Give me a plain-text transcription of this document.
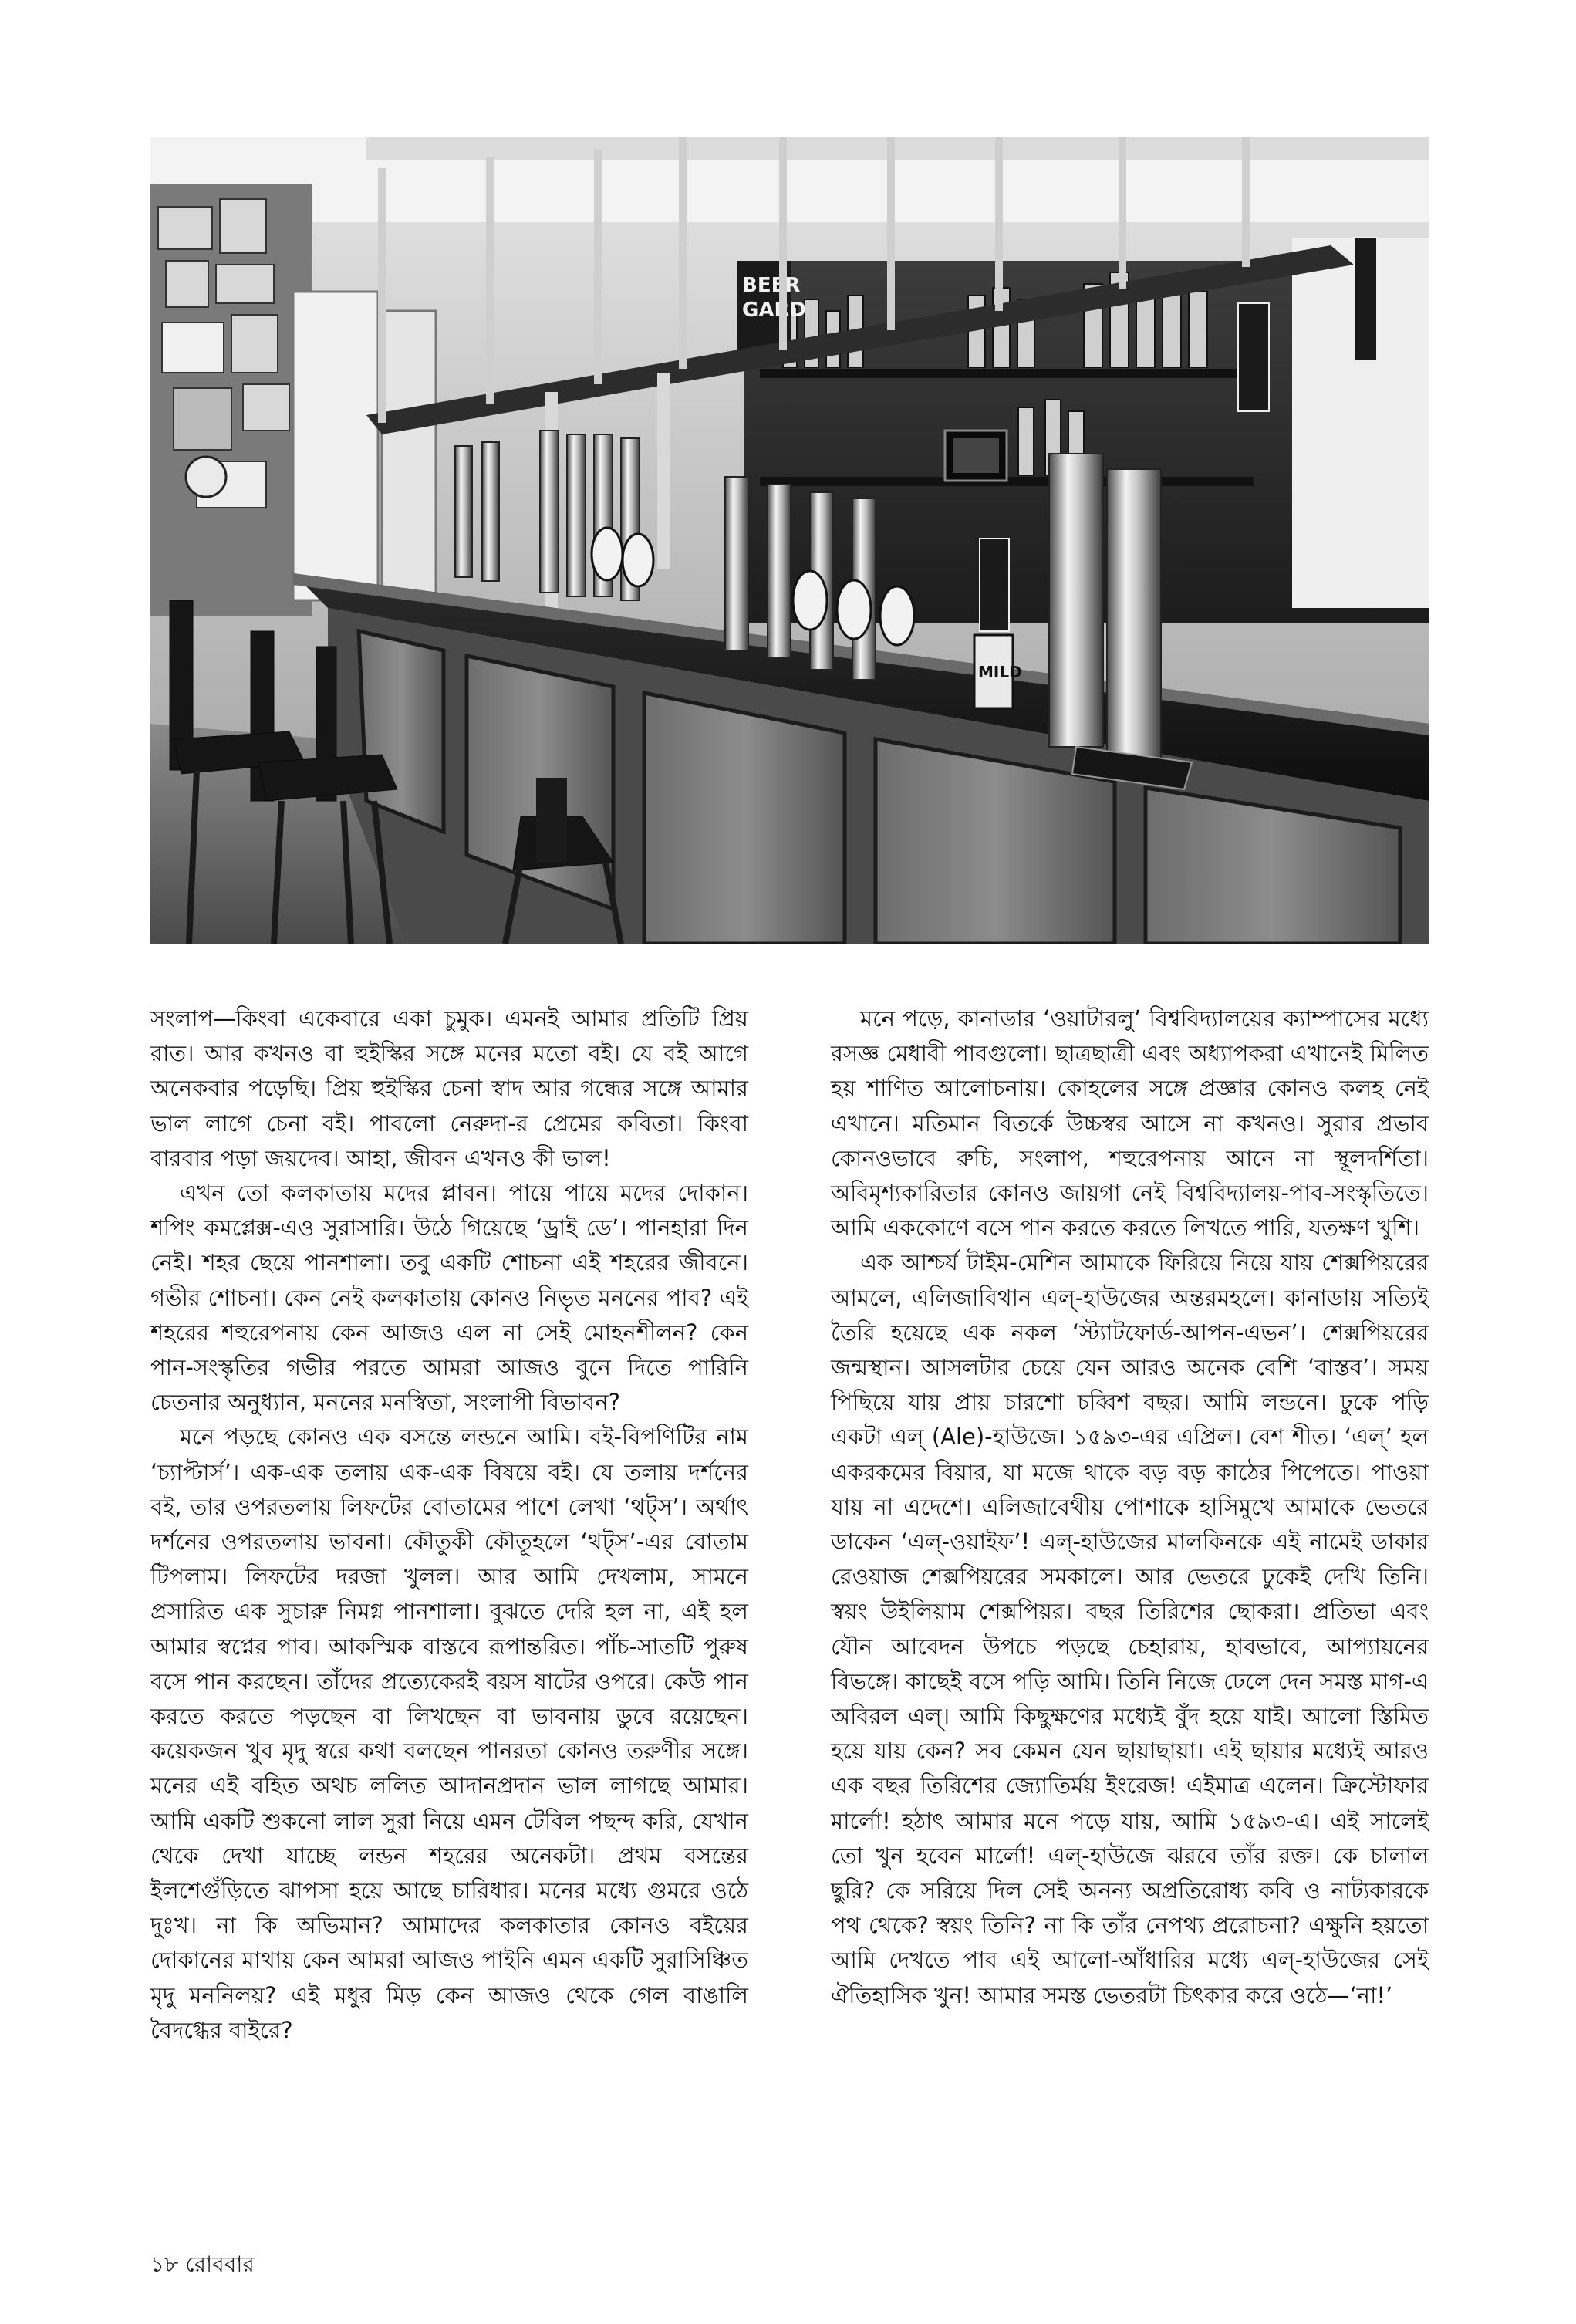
BEER
GARD
MILD

সংলাপ—কিংবা একেবারে একা চুমুক। এমনই আমার প্রতিটি প্রিয় রাত। আর কখনও বা হুইস্কির সঙ্গে মনের মতো বই। যে বই আগে অনেকবার পড়েছি। প্রিয় হুইস্কির চেনা স্বাদ আর গন্ধের সঙ্গে আমার ভাল লাগে চেনা বই। পাবলো নেরুদা-র প্রেমের কবিতা। কিংবা বারবার পড়া জয়দেব। আহা, জীবন এখনও কী ভাল!

এখন তো কলকাতায় মদের প্লাবন। পায়ে পায়ে মদের দোকান। শপিং কমপ্লেক্স-এও সুরাসারি। উঠে গিয়েছে ‘ড্রাই ডে’। পানহারা দিন নেই। শহর ছেয়ে পানশালা। তবু একটি শোচনা এই শহরের জীবনে। গভীর শোচনা। কেন নেই কলকাতায় কোনও নিভৃত মননের পাব? এই শহরের শহুরেপনায় কেন আজও এল না সেই মোহনশীলন? কেন পান-সংস্কৃতির গভীর পরতে আমরা আজও বুনে দিতে পারিনি চেতনার অনুধ্যান, মননের মনস্বিতা, সংলাপী বিভাবন?

মনে পড়ছে কোনও এক বসন্তে লন্ডনে আমি। বই-বিপণিটির নাম ‘চ্যাপ্টার্স’। এক-এক তলায় এক-এক বিষয়ে বই। যে তলায় দর্শনের বই, তার ওপরতলায় লিফটের বোতামের পাশে লেখা ‘থট্‌স’। অর্থাৎ দর্শনের ওপরতলায় ভাবনা। কৌতুকী কৌতূহলে ‘থট্‌স’-এর বোতাম টিপলাম। লিফটের দরজা খুলল। আর আমি দেখলাম, সামনে প্রসারিত এক সুচারু নিমগ্ন পানশালা। বুঝতে দেরি হল না, এই হল আমার স্বপ্নের পাব। আকস্মিক বাস্তবে রূপান্তরিত। পাঁচ-সাতটি পুরুষ বসে পান করছেন। তাঁদের প্রত্যেকেরই বয়স ষাটের ওপরে। কেউ পান করতে করতে পড়ছেন বা লিখছেন বা ভাবনায় ডুবে রয়েছেন। কয়েকজন খুব মৃদু স্বরে কথা বলছেন পানরতা কোনও তরুণীর সঙ্গে। মনের এই বহিত অথচ ললিত আদানপ্রদান ভাল লাগছে আমার। আমি একটি শুকনো লাল সুরা নিয়ে এমন টেবিল পছন্দ করি, যেখান থেকে দেখা যাচ্ছে লন্ডন শহরের অনেকটা। প্রথম বসন্তের ইলশেগুঁড়িতে ঝাপসা হয়ে আছে চারিধার। মনের মধ্যে গুমরে ওঠে দুঃখ। না কি অভিমান? আমাদের কলকাতার কোনও বইয়ের দোকানের মাথায় কেন আমরা আজও পাইনি এমন একটি সুরাসিঞ্চিত মৃদু মননিলয়? এই মধুর মিড় কেন আজও থেকে গেল বাঙালি বৈদগ্ধের বাইরে?

মনে পড়ে, কানাডার ‘ওয়াটারলু’ বিশ্ববিদ্যালয়ের ক্যাম্পাসের মধ্যে রসজ্ঞ মেধাবী পাবগুলো। ছাত্রছাত্রী এবং অধ্যাপকরা এখানেই মিলিত হয় শাণিত আলোচনায়। কোহলের সঙ্গে প্রজ্ঞার কোনও কলহ নেই এখানে। মতিমান বিতর্কে উচ্চস্বর আসে না কখনও। সুরার প্রভাব কোনওভাবে রুচি, সংলাপ, শহুরেপনায় আনে না স্থূলদর্শিতা। অবিমৃশ্যকারিতার কোনও জায়গা নেই বিশ্ববিদ্যালয়-পাব-সংস্কৃতিতে। আমি এককোণে বসে পান করতে করতে লিখতে পারি, যতক্ষণ খুশি।

এক আশ্চর্য টাইম-মেশিন আমাকে ফিরিয়ে নিয়ে যায় শেক্সপিয়রের আমলে, এলিজাবিথান এল্-হাউজের অন্তরমহলে। কানাডায় সত্যিই তৈরি হয়েছে এক নকল ‘স্ট্যাটফোর্ড-আপন-এভন’। শেক্সপিয়রের জন্মস্থান। আসলটার চেয়ে যেন আরও অনেক বেশি ‘বাস্তব’। সময় পিছিয়ে যায় প্রায় চারশো চব্বিশ বছর। আমি লন্ডনে। ঢুকে পড়ি একটা এল্ (Ale)-হাউজে। ১৫৯৩-এর এপ্রিল। বেশ শীত। ‘এল্’ হল একরকমের বিয়ার, যা মজে থাকে বড় বড় কাঠের পিপেতে। পাওয়া যায় না এদেশে। এলিজাবেথীয় পোশাকে হাসিমুখে আমাকে ভেতরে ডাকেন ‘এল্-ওয়াইফ’! এল্-হাউজের মালকিনকে এই নামেই ডাকার রেওয়াজ শেক্সপিয়রের সমকালে। আর ভেতরে ঢুকেই দেখি তিনি। স্বয়ং উইলিয়াম শেক্সপিয়র। বছর তিরিশের ছোকরা। প্রতিভা এবং যৌন আবেদন উপচে পড়ছে চেহারায়, হাবভাবে, আপ্যায়নের বিভঙ্গে। কাছেই বসে পড়ি আমি। তিনি নিজে ঢেলে দেন সমস্ত মাগ-এ অবিরল এল্। আমি কিছুক্ষণের মধ্যেই বুঁদ হয়ে যাই। আলো স্তিমিত হয়ে যায় কেন? সব কেমন যেন ছায়াছায়া। এই ছায়ার মধ্যেই আরও এক বছর তিরিশের জ্যোতির্ময় ইংরেজ! এইমাত্র এলেন। ক্রিস্টোফার মার্লো! হঠাৎ আমার মনে পড়ে যায়, আমি ১৫৯৩-এ। এই সালেই তো খুন হবেন মার্লো! এল্-হাউজে ঝরবে তাঁর রক্ত। কে চালাল ছুরি? কে সরিয়ে দিল সেই অনন্য অপ্রতিরোধ্য কবি ও নাট্যকারকে পথ থেকে? স্বয়ং তিনি? না কি তাঁর নেপথ্য প্ররোচনা? এক্ষুনি হয়তো আমি দেখতে পাব এই আলো-আঁধারির মধ্যে এল্-হাউজের সেই ঐতিহাসিক খুন! আমার সমস্ত ভেতরটা চিৎকার করে ওঠে—‘না!’

১৮ রোববার
